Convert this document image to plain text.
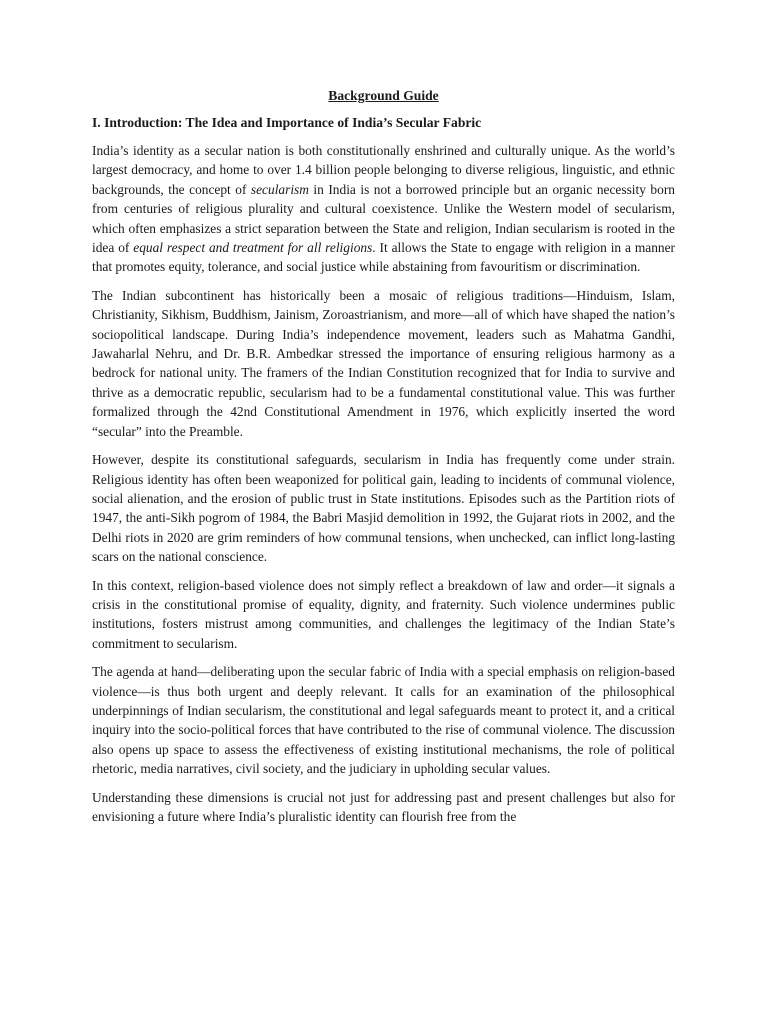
Background Guide
I. Introduction: The Idea and Importance of India’s Secular Fabric

India’s identity as a secular nation is both constitutionally enshrined and culturally unique. As the world’s largest democracy, and home to over 1.4 billion people belonging to diverse religious, linguistic, and ethnic backgrounds, the concept of secularism in India is not a borrowed principle but an organic necessity born from centuries of religious plurality and cultural coexistence. Unlike the Western model of secularism, which often emphasizes a strict separation between the State and religion, Indian secularism is rooted in the idea of equal respect and treatment for all religions. It allows the State to engage with religion in a manner that promotes equity, tolerance, and social justice while abstaining from favouritism or discrimination.

The Indian subcontinent has historically been a mosaic of religious traditions—Hinduism, Islam, Christianity, Sikhism, Buddhism, Jainism, Zoroastrianism, and more—all of which have shaped the nation’s sociopolitical landscape. During India’s independence movement, leaders such as Mahatma Gandhi, Jawaharlal Nehru, and Dr. B.R. Ambedkar stressed the importance of ensuring religious harmony as a bedrock for national unity. The framers of the Indian Constitution recognized that for India to survive and thrive as a democratic republic, secularism had to be a fundamental constitutional value. This was further formalized through the 42nd Constitutional Amendment in 1976, which explicitly inserted the word “secular” into the Preamble.

However, despite its constitutional safeguards, secularism in India has frequently come under strain. Religious identity has often been weaponized for political gain, leading to incidents of communal violence, social alienation, and the erosion of public trust in State institutions. Episodes such as the Partition riots of 1947, the anti-Sikh pogrom of 1984, the Babri Masjid demolition in 1992, the Gujarat riots in 2002, and the Delhi riots in 2020 are grim reminders of how communal tensions, when unchecked, can inflict long-lasting scars on the national conscience.

In this context, religion-based violence does not simply reflect a breakdown of law and order—it signals a crisis in the constitutional promise of equality, dignity, and fraternity. Such violence undermines public institutions, fosters mistrust among communities, and challenges the legitimacy of the Indian State’s commitment to secularism.

The agenda at hand—deliberating upon the secular fabric of India with a special emphasis on religion-based violence—is thus both urgent and deeply relevant. It calls for an examination of the philosophical underpinnings of Indian secularism, the constitutional and legal safeguards meant to protect it, and a critical inquiry into the socio-political forces that have contributed to the rise of communal violence. The discussion also opens up space to assess the effectiveness of existing institutional mechanisms, the role of political rhetoric, media narratives, civil society, and the judiciary in upholding secular values.

Understanding these dimensions is crucial not just for addressing past and present challenges but also for envisioning a future where India’s pluralistic identity can flourish free from the
